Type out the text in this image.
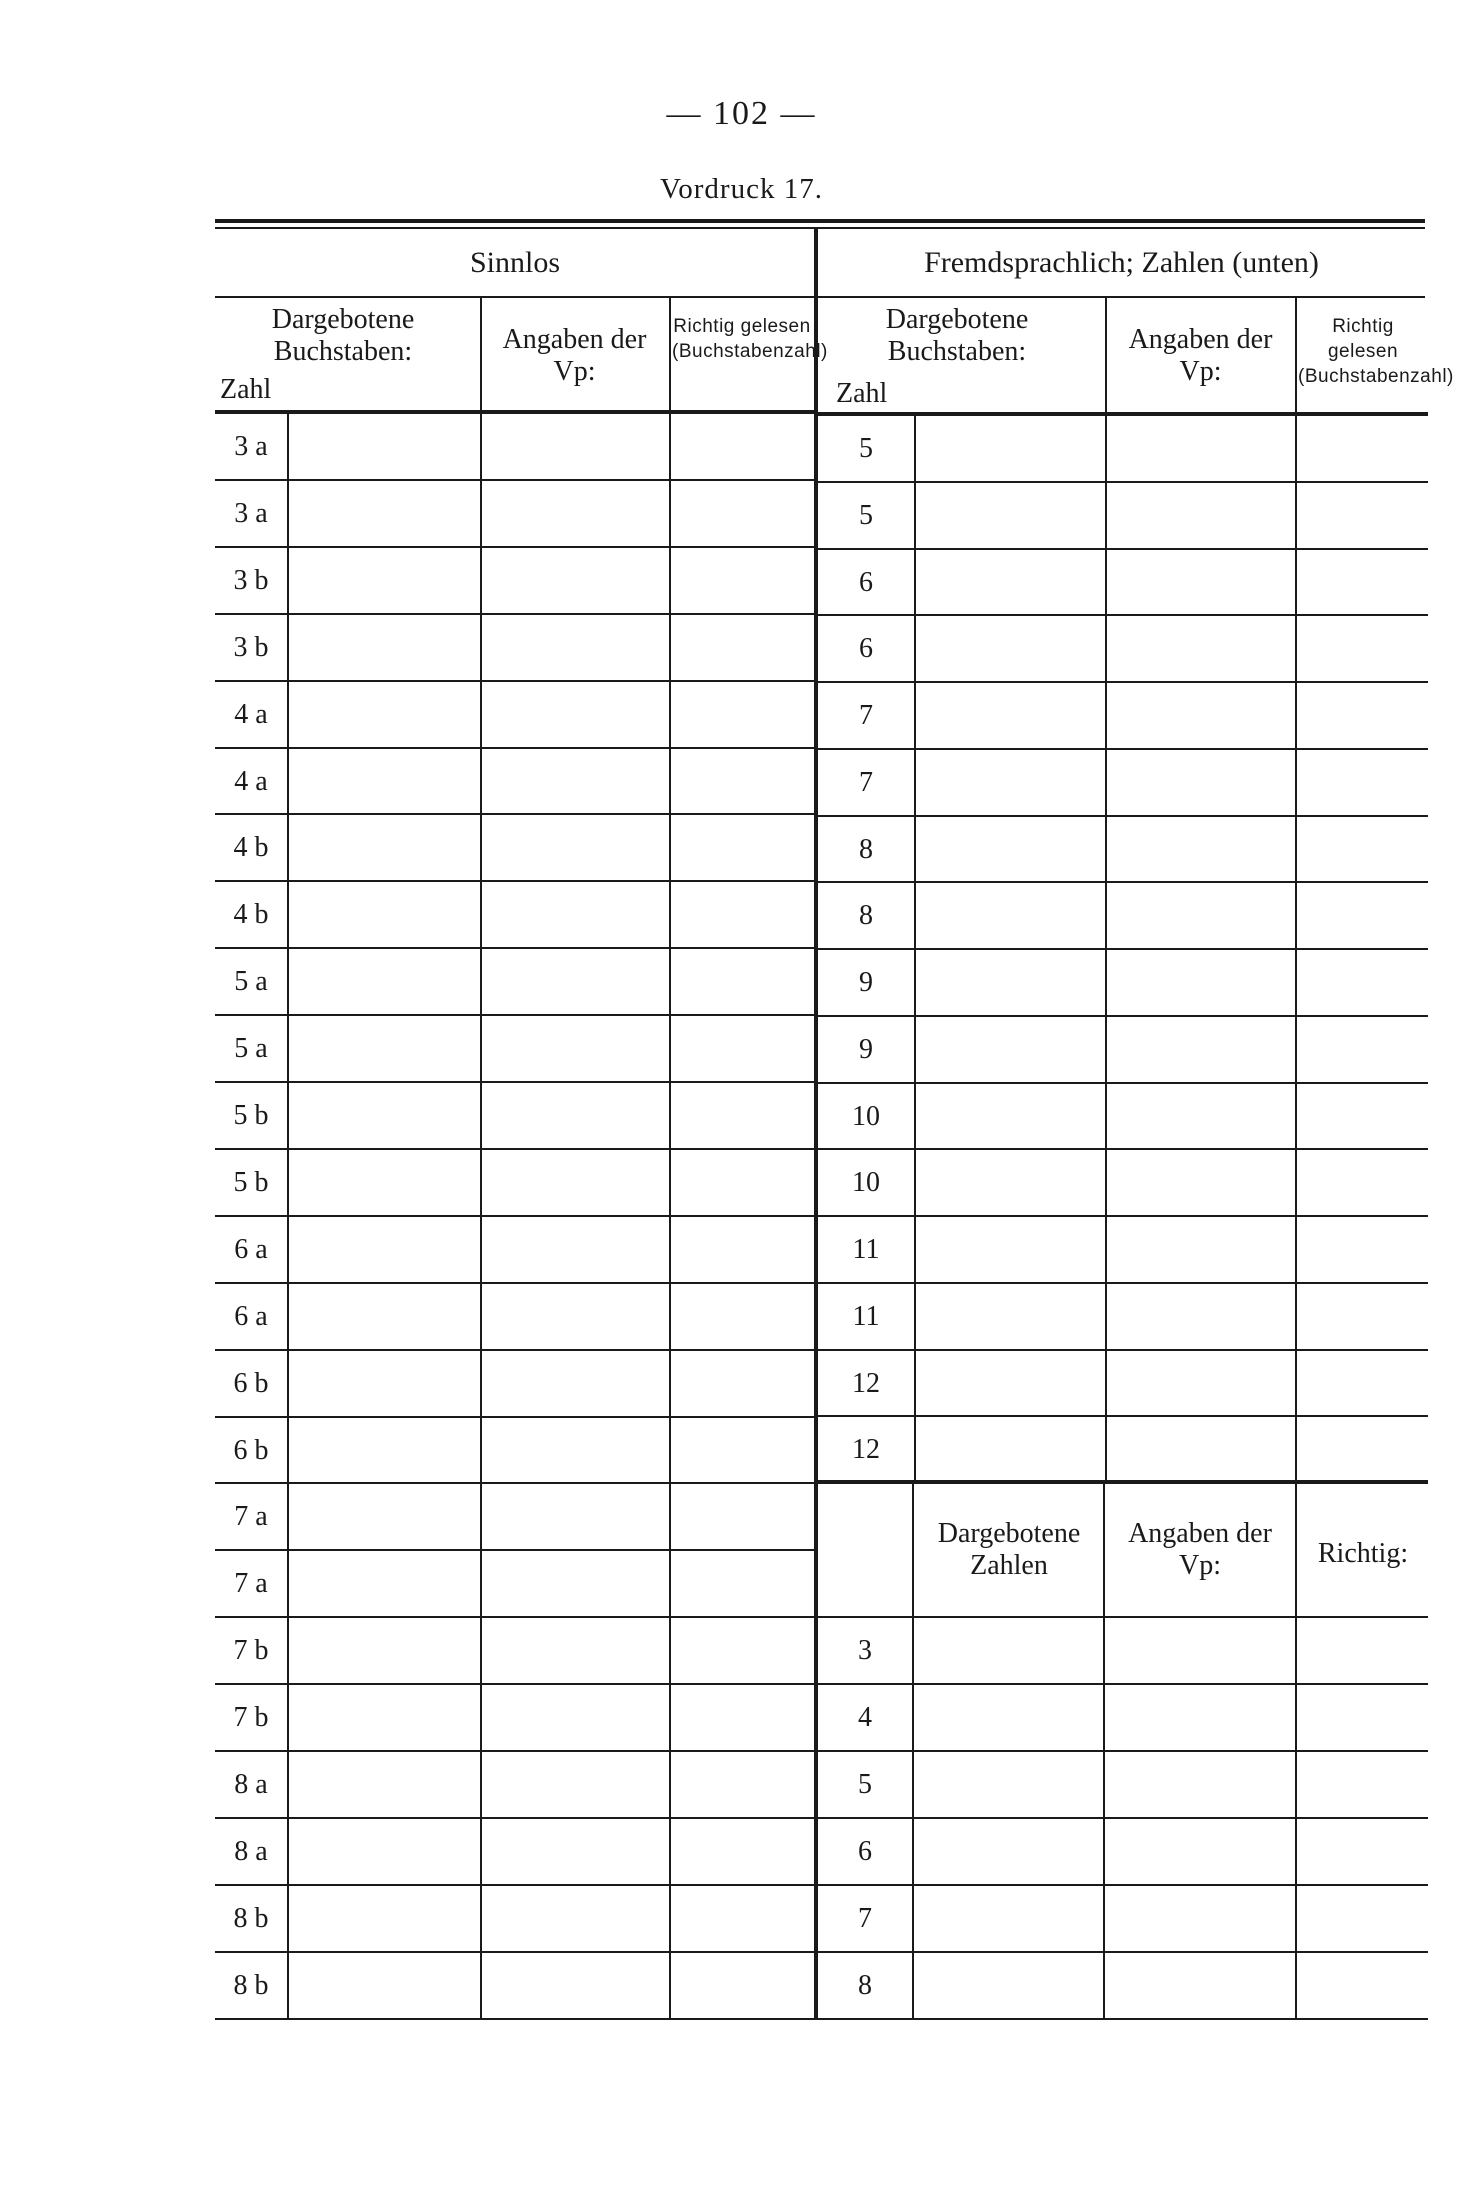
— 102 —
Vordruck 17.
Sinnlos	Fremdsprachlich; Zahlen (unten)
Dargebotene Buchstaben:
Zahl
Angaben der Vp:
Richtig gelesen (Buchstabenzahl)
Dargebotene Buchstaben:
Zahl
Angaben der Vp:
Richtig gelesen (Buchstabenzahl)
Dargebotene Zahlen
Angaben der Vp:	Richtig:
3 a
3 a
3 b
3 b
4 a
4 a
4 b
4 b
5 a
5 a
5 b
5 b
6 a
6 a
6 b
6 b
7 a
7 a
7 b
7 b
8 a
8 a
8 b
8 b
5
5
6
6
7
7
8
8
9
9
10
10
11
11
12
12
3
4
5
6
7
8
